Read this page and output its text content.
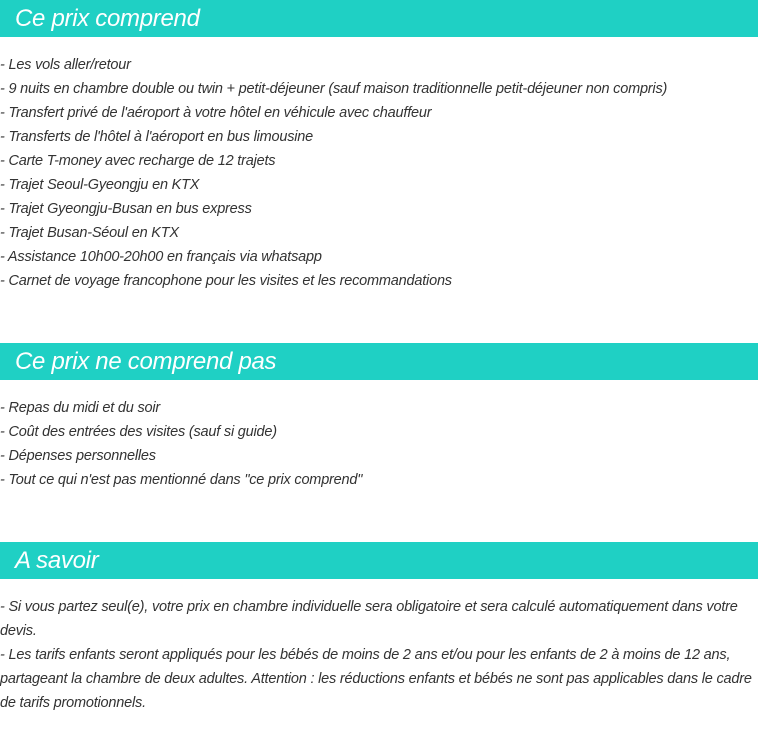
Ce prix comprend
- Les vols aller/retour
- 9 nuits en chambre double ou twin + petit-déjeuner (sauf maison traditionnelle petit-déjeuner non compris)
- Transfert privé de l'aéroport à votre hôtel en véhicule avec chauffeur
- Transferts de l'hôtel à l'aéroport en bus limousine
- Carte T-money avec recharge de 12 trajets
- Trajet Seoul-Gyeongju en KTX
- Trajet Gyeongju-Busan en bus express
- Trajet Busan-Séoul en KTX
- Assistance 10h00-20h00 en français via whatsapp
- Carnet de voyage francophone pour les visites et les recommandations
Ce prix ne comprend pas
- Repas du midi et du soir
- Coût des entrées des visites (sauf si guide)
- Dépenses personnelles
- Tout ce qui n'est pas mentionné dans "ce prix comprend"
A savoir
- Si vous partez seul(e), votre prix en chambre individuelle sera obligatoire et sera calculé automatiquement dans votre devis.
- Les tarifs enfants seront appliqués pour les bébés de moins de 2 ans et/ou pour les enfants de 2 à moins de 12 ans, partageant la chambre de deux adultes. Attention : les réductions enfants et bébés ne sont pas applicables dans le cadre de tarifs promotionnels.
